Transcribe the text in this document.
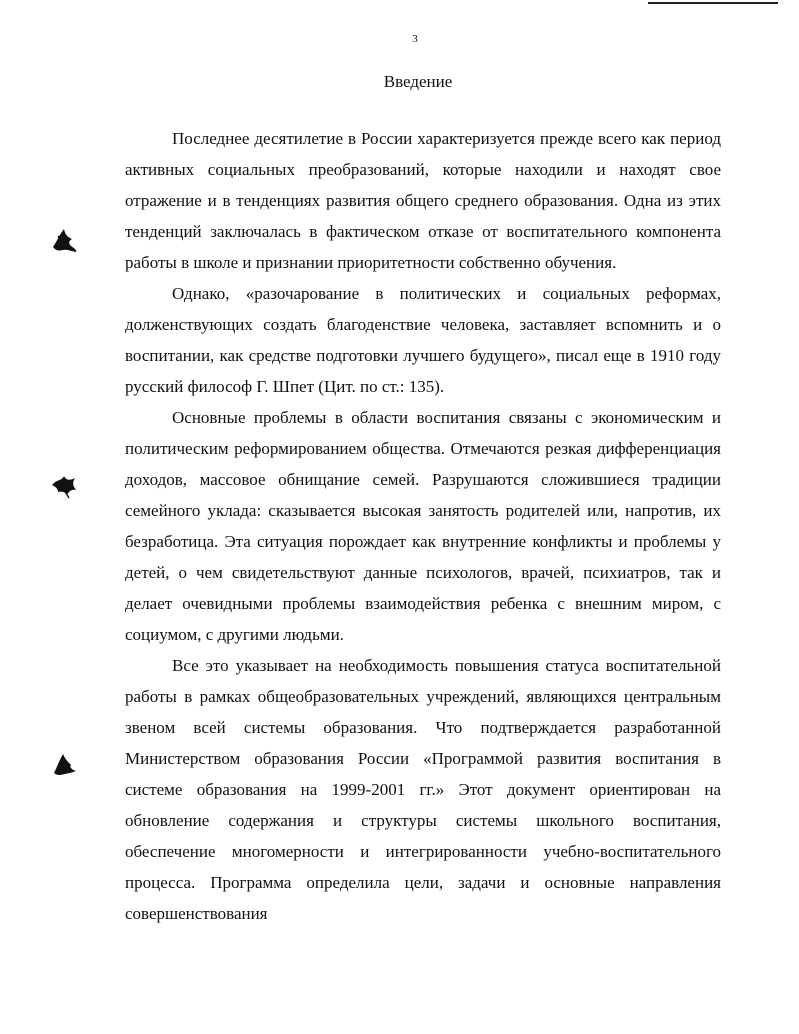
3
Введение

Последнее десятилетие в России характеризуется прежде всего как период активных социальных преобразований, которые находили и находят свое отражение и в тенденциях развития общего среднего образования. Одна из этих тенденций заключалась в фактическом отказе от воспитательного компонента работы в школе и признании приоритетности собственно обучения.

Однако, «разочарование в политических и социальных реформах, долженствующих создать благоденствие человека, заставляет вспомнить и о воспитании, как средстве подготовки лучшего будущего», писал еще в 1910 году русский философ Г. Шпет (Цит. по ст.: 135).

Основные проблемы в области воспитания связаны с экономическим и политическим реформированием общества. Отмечаются резкая дифференциация доходов, массовое обнищание семей. Разрушаются сложившиеся традиции семейного уклада: сказывается высокая занятость родителей или, напротив, их безработица. Эта ситуация порождает как внутренние конфликты и проблемы у детей, о чем свидетельствуют данные психологов, врачей, психиатров, так и делает очевидными проблемы взаимодействия ребенка с внешним миром, с социумом, с другими людьми.

Все это указывает на необходимость повышения статуса воспитательной работы в рамках общеобразовательных учреждений, являющихся центральным звеном всей системы образования. Что подтверждается разработанной Министерством образования России «Программой развития воспитания в системе образования на 1999-2001 гг.» Этот документ ориентирован на обновление содержания и структуры системы школьного воспитания, обеспечение многомерности и интегрированности учебно-воспитательного процесса. Программа определила цели, задачи и основные направления совершенствования
